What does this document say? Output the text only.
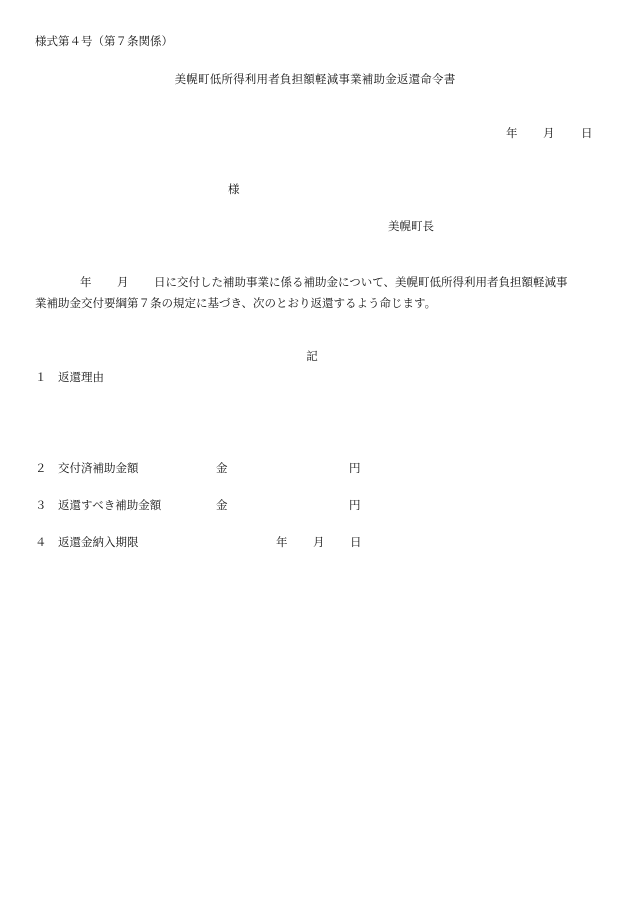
様式第４号（第７条関係）
美幌町低所得利用者負担額軽減事業補助金返還命令書
年 月 日
様
美幌町長
年 月 日に交付した補助事業に係る補助金について、美幌町低所得利用者負担額軽減事
業補助金交付要綱第７条の規定に基づき、次のとおり返還するよう命じます。
記
１ 返還理由
２ 交付済補助金額	金	円
３ 返還すべき補助金額	金	円
４ 返還金納入期限	年 月 日
